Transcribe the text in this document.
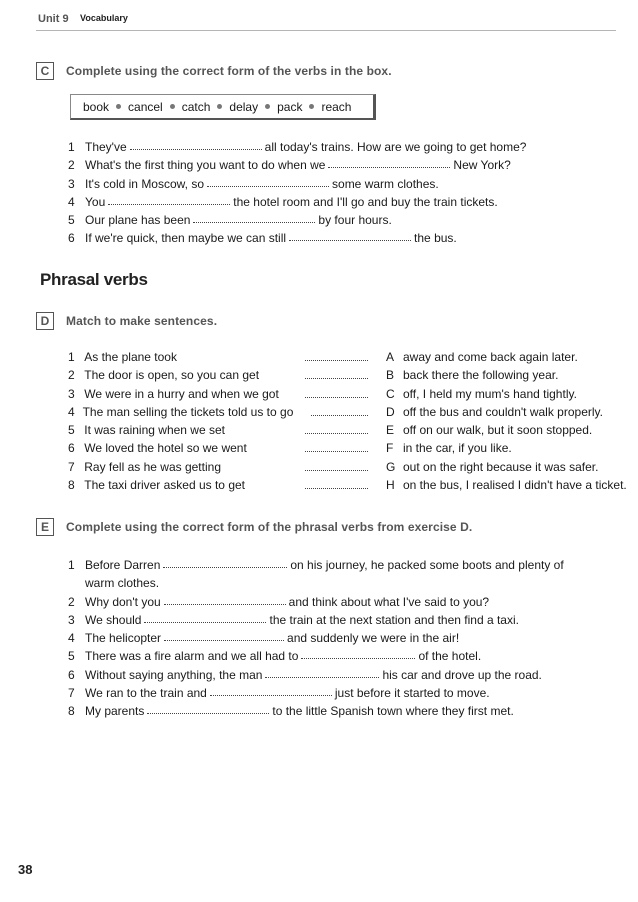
Unit 9 Vocabulary
C	Complete using the correct form of the verbs in the box.
book cancel catch delay pack reach
1 They've	all today's trains. How are we going to get home?
2 What's the first thing you want to do when we	New York?
3 It's cold in Moscow, so	some warm clothes.
4 You	the hotel room and I'll go and buy the train tickets.
5 Our plane has been	by four hours.
6 If we're quick, then maybe we can still	the bus.
Phrasal verbs
D	Match to make sentences.
1 As the plane took
2 The door is open, so you can get
3 We were in a hurry and when we got
4 The man selling the tickets told us to go
5 It was raining when we set
6 We loved the hotel so we went
7 Ray fell as he was getting
8 The taxi driver asked us to get
A away and come back again later.
B back there the following year.
C off, I held my mum's hand tightly.
D off the bus and couldn't walk properly.
E off on our walk, but it soon stopped.
F in the car, if you like.
G out on the right because it was safer.
H on the bus, I realised I didn't have a ticket.
E	Complete using the correct form of the phrasal verbs from exercise D.
1 Before Darren	on his journey, he packed some boots and plenty of
warm clothes.
2 Why don't you	and think about what I've said to you?
3 We should	the train at the next station and then find a taxi.
4 The helicopter	and suddenly we were in the air!
5 There was a fire alarm and we all had to	of the hotel.
6 Without saying anything, the man	his car and drove up the road.
7 We ran to the train and	just before it started to move.
8 My parents	to the little Spanish town where they first met.
38
